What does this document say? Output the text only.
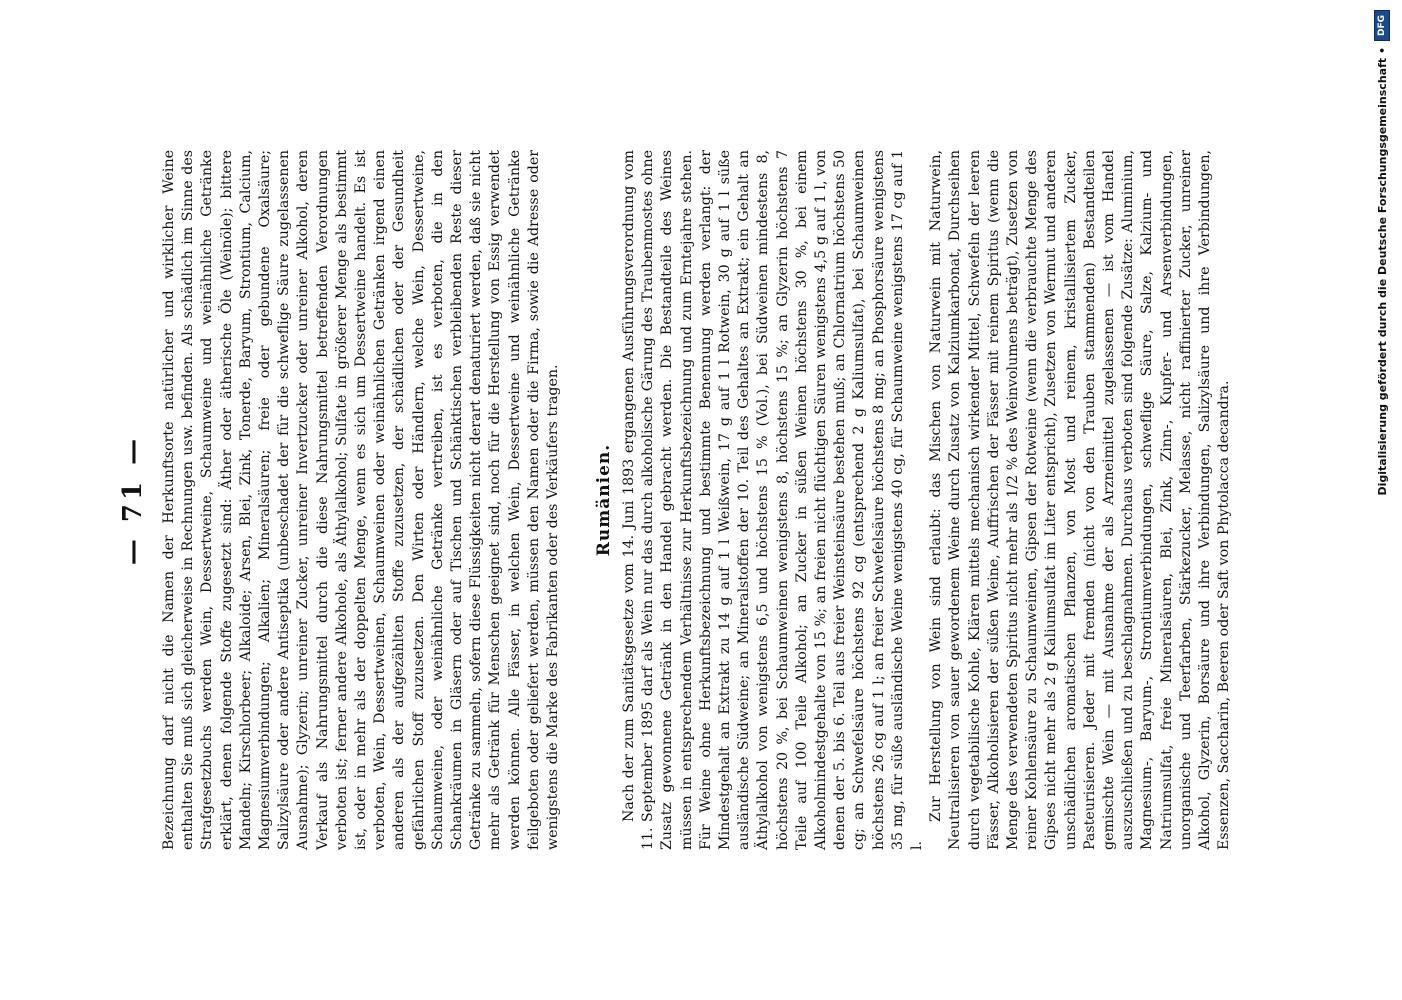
— 71 — Bezeichnung darf nicht die Namen der Herkunftsorte natürlicher und wirklicher Weine enthalten Sie muß sich gleicherweise in Rechnungen usw. befinden. Als schädlich im Sinne des Strafgesetzbuchs werden Wein, Dessertweine, Schaumweine und weinähnliche Getränke erklärt, denen folgende Stoffe zugesetzt sind: Äther oder ätherische Öle (Weinöle); bittere Mandeln; Kirschlorbeer; Alkaloide; Arsen, Blei, Zink, Tonerde, Baryum, Strontium, Calcium, Magnesiumverbindungen; Alkalien; Mineralsäuren; freie oder gebundene Oxalsäure; Salizylsäure oder andere Antiseptika (unbeschadet der für die schweflige Säure zugelassenen Ausnahme); Glyzerin; unreiner Zucker, unreiner Invertzucker oder unreiner Alkohol, deren Verkauf als Nahrungsmittel durch die diese Nahrungsmittel betreffenden Verordnungen verboten ist; ferner andere Alkohole, als Äthylalkohol; Sulfate in größerer Menge als bestimmt ist, oder in mehr als der doppelten Menge, wenn es sich um Dessertweine handelt. Es ist verboten, Wein, Dessertweinen, Schaumweinen oder weinähnlichen Getränken irgend einen anderen als der aufgezählten Stoffe zuzusetzen, der schädlichen oder der Gesundheit gefährlichen Stoff zuzusetzen. Den Wirten oder Händlern, welche Wein, Dessertweine, Schaumweine, oder weinähnliche Getränke vertreiben, ist es verboten, die in den Schankräumen in Gläsern oder auf Tischen und Schänktischen verbleibenden Reste dieser Getränke zu sammeln, sofern diese Flüssigkeiten nicht derart denaturiert werden, daß sie nicht mehr als Getränk für Menschen geeignet sind, noch für die Herstellung von Essig verwendet werden können. Alle Fässer, in welchen Wein, Dessertweine und weinähnliche Getränke feilgeboten oder geliefert werden, müssen den Namen oder die Firma, sowie die Adresse oder wenigstens die Marke des Fabrikanten oder des Verkäufers tragen. Rumänien. Nach der zum Sanitätsgesetze vom 14. Juni 1893 ergangenen Ausführungsverordnung vom 11. September 1895 darf als Wein nur das durch alkoholische Gärung des Traubenmostes ohne Zusatz gewonnene Getränk in den Handel gebracht werden. Die Bestandteile des Weines müssen in entsprechendem Verhältnisse zur Herkunftsbezeichnung und zum Erntejahre stehen. Für Weine ohne Herkunftsbezeichnung und bestimmte Benennung werden verlangt: der Mindestgehalt an Extrakt zu 14 g auf 1 l Weißwein, 17 g auf 1 l Rotwein, 30 g auf 1 l süße ausländische Südweine; an Mineralstoffen der 10. Teil des Gehaltes an Extrakt; ein Gehalt an Äthylalkohol von wenigstens 6,5 und höchstens 15 % (Vol.), bei Südweinen mindestens 8, höchstens 20 %, bei Schaumweinen wenigstens 8, höchstens 15 %; an Glyzerin höchstens 7 Teile auf 100 Teile Alkohol; an Zucker in süßen Weinen höchstens 30 %, bei einem Alkoholmindestgehalte von 15 %; an freien nicht flüchtigen Säuren wenigstens 4,5 g auf 1 l, von denen der 5. bis 6. Teil aus freier Weinsteinsäure bestehen muß; an Chlornatrium höchstens 50 cg; an Schwefelsäure höchstens 92 cg (entsprechend 2 g Kaliumsulfat), bei Schaumweinen höchstens 26 cg auf 1 l; an freier Schwefelsäure höchstens 8 mg; an Phosphorsäure wenigstens 35 mg, für süße ausländische Weine wenigstens 40 cg, für Schaumweine wenigstens 17 cg auf 1 l.

Zur Herstellung von Wein sind erlaubt: das Mischen von Naturwein mit Naturwein, Neutralisieren von sauer gewordenem Weine durch Zusatz von Kalziumkarbonat, Durchseihen durch vegetabilische Kohle, Klären mittels mechanisch wirkender Mittel, Schwefeln der leeren Fässer, Alkoholisieren der süßen Weine, Auffrischen der Fässer mit reinem Spiritus (wenn die Menge des verwendeten Spiritus nicht mehr als 1/2 % des Weinvolumens beträgt), Zusetzen von reiner Kohlensäure zu Schaumweinen, Gipsen der Rotweine (wenn die verbrauchte Menge des Gipses nicht mehr als 2 g Kaliumsulfat im Liter entspricht), Zusetzen von Wermut und anderen unschädlichen aromatischen Pflanzen, von Most und reinem, kristallisiertem Zucker, Pasteurisieren. Jeder mit fremden (nicht von den Trauben stammenden) Bestandteilen gemischte Wein — mit Ausnahme der als Arzneimittel zugelassenen — ist vom Handel auszuschließen und zu beschlagnahmen. Durchaus verboten sind folgende Zusätze: Aluminium, Magnesium-, Baryum-, Strontiumverbindungen, schweflige Säure, Salze, Kalzium- und Natriumsulfat, freie Mineralsäuren, Blei, Zink, Zinn-, Kupfer- und Arsenverbindungen, unorganische und Teerfarben, Stärkezucker, Melasse, nicht raffinierter Zucker, unreiner Alkohol, Glyzerin, Borsäure und ihre Verbindungen, Salizylsäure und ihre Verbindungen, Essenzen, Saccharin, Beeren oder Saft von Phytolacca decandra.

Digitalisierung gefördert durch die Deutsche Forschungsgemeinschaft •
DFG
